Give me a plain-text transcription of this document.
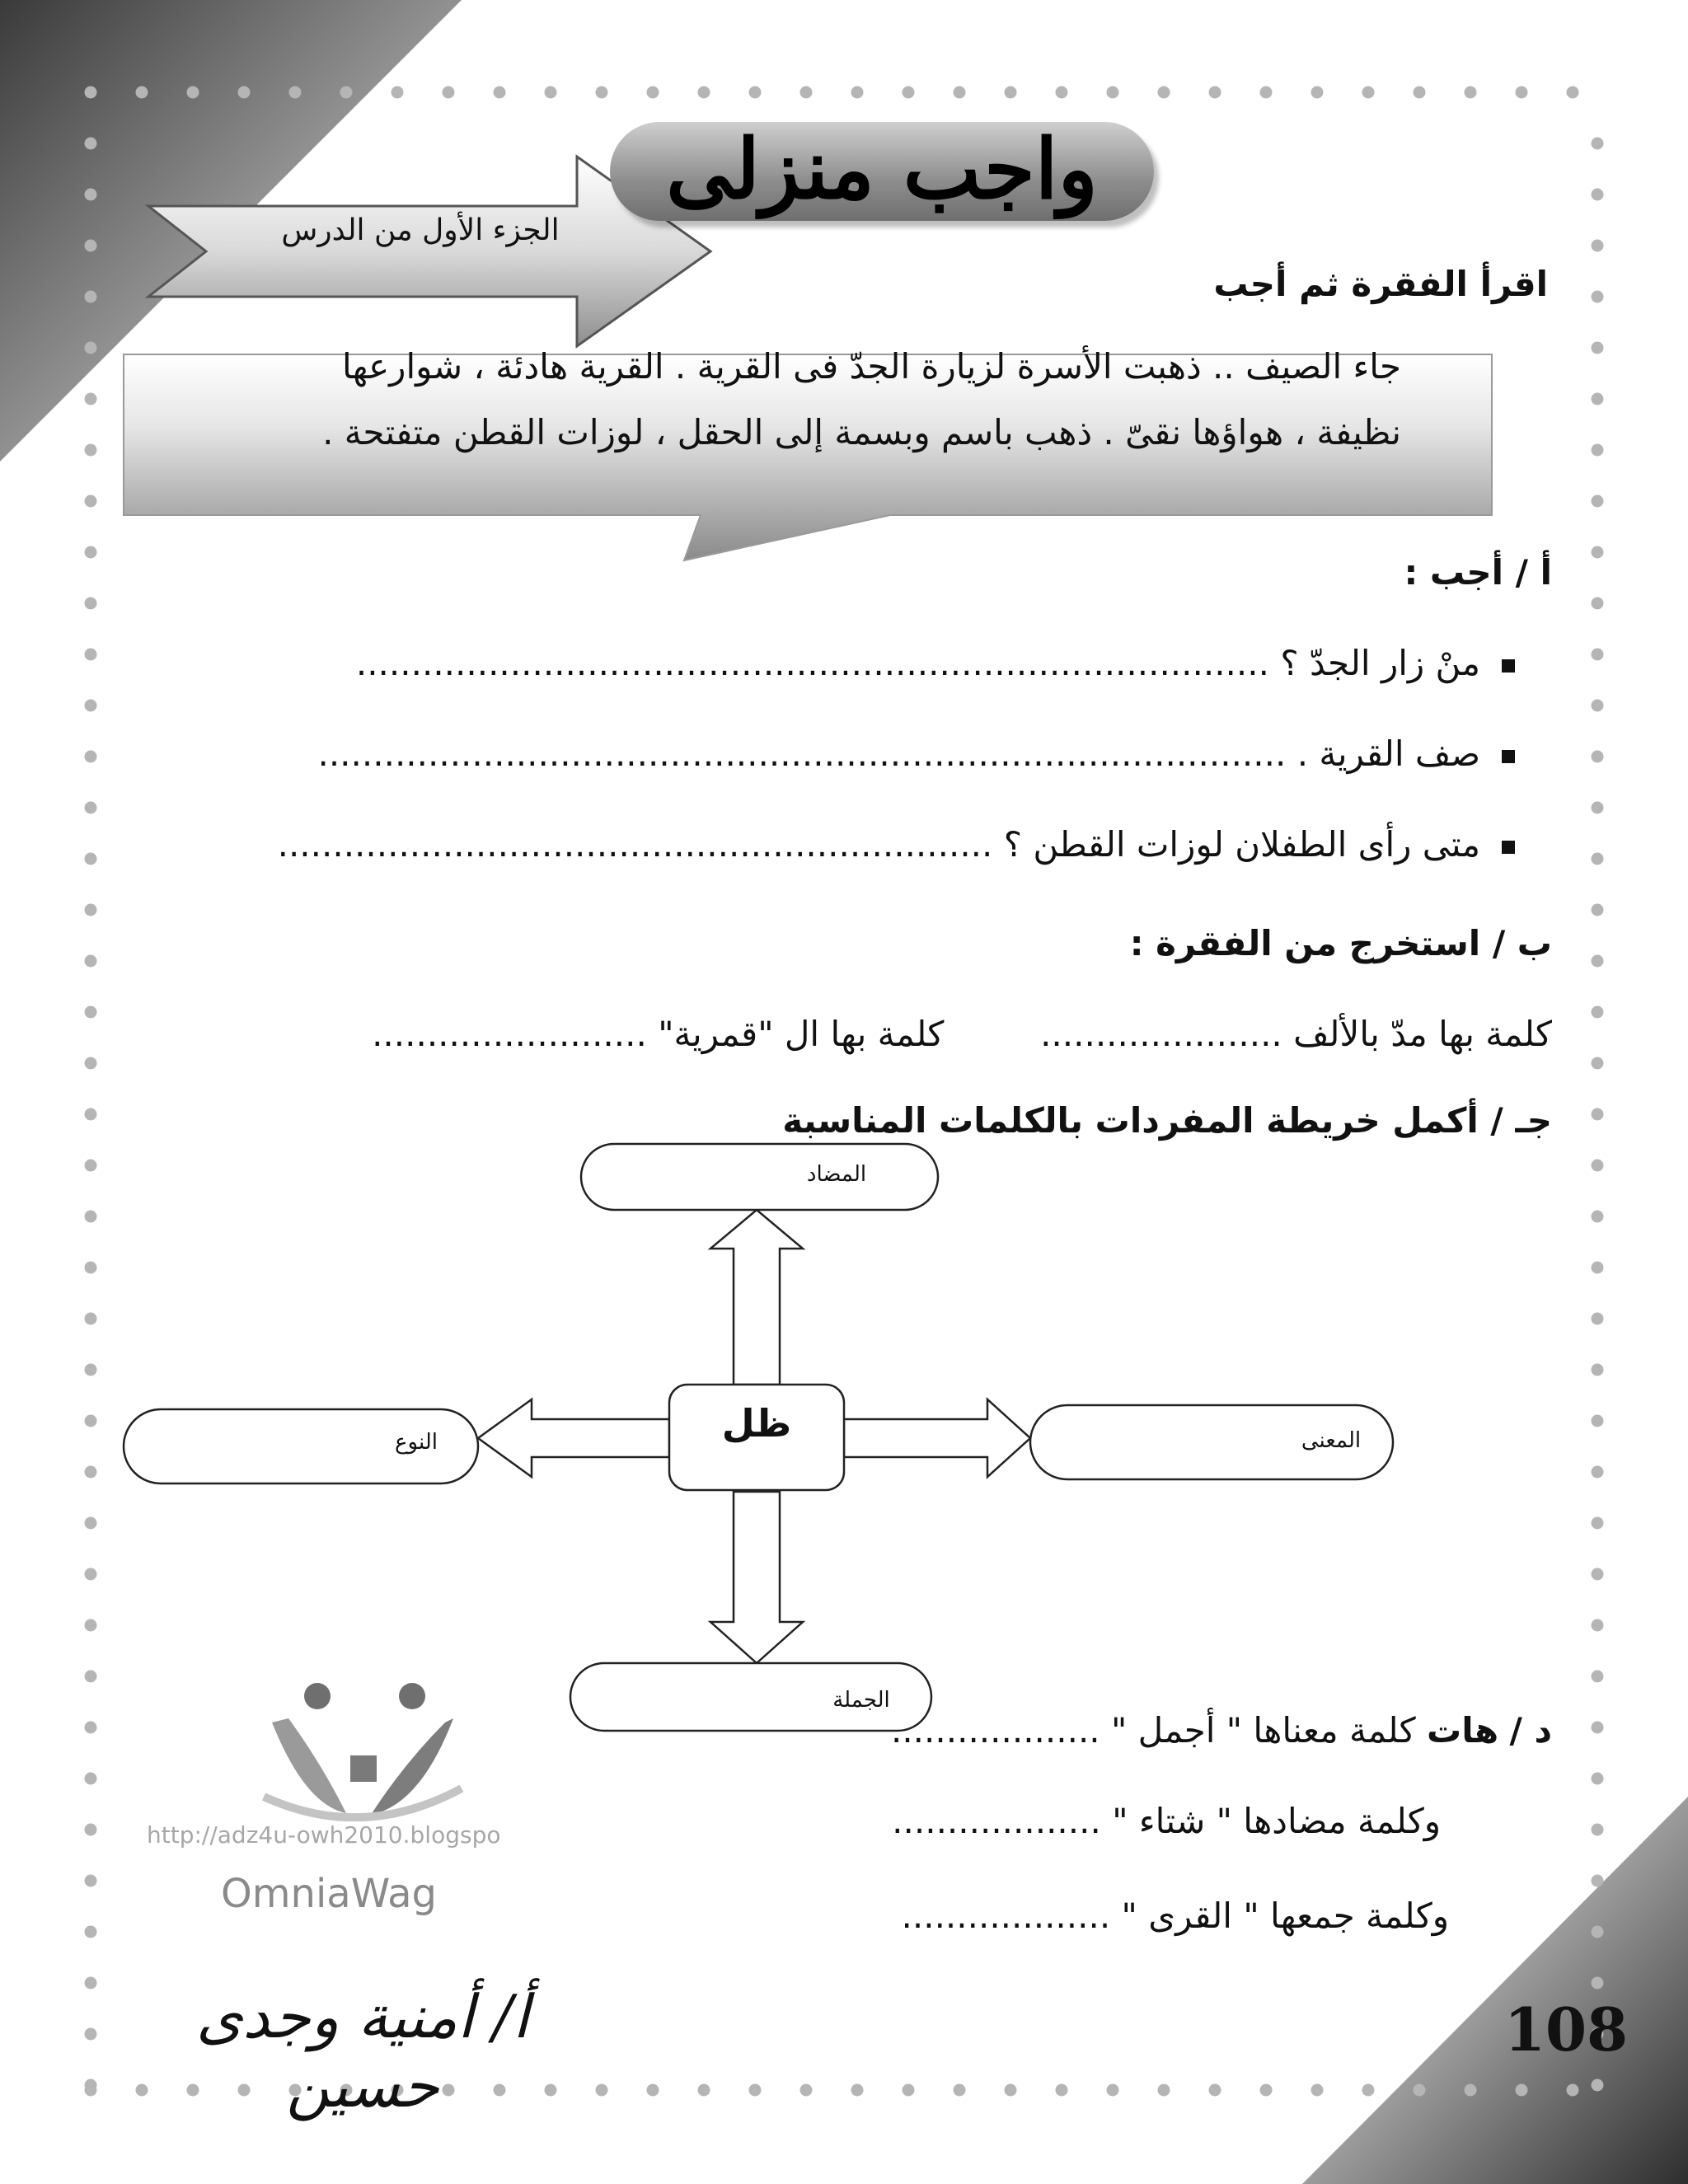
واجب منزلى
الجزء الأول من الدرس
اقرأ الفقرة ثم أجب
جاء الصيف .. ذهبت الأسرة لزيارة الجدّ فى القرية . القرية هادئة ، شوارعها
نظيفة ، هواؤها نقىّ . ذهب باسم وبسمة إلى الحقل ، لوزات القطن متفتحة .
أ / أجب :
منْ زار الجدّ ؟ ...................................................................................
صف القرية . ........................................................................................
متى رأى الطفلان لوزات القطن ؟ .................................................................
ب / استخرج من الفقرة :
كلمة بها مدّ بالألف ......................  كلمة بها ال "قمرية" .........................
جـ / أكمل خريطة المفردات بالكلمات المناسبة
ظل
المضاد
النوع	المعنى
الجملة
د / هات كلمة معناها " أجمل " ...................
وكلمة مضادها " شتاء " ...................
وكلمة جمعها " القرى " ...................
http://adz4u-owh2010.blogspo
OmniaWag
أ/ أمنية وجدى حسين
108
